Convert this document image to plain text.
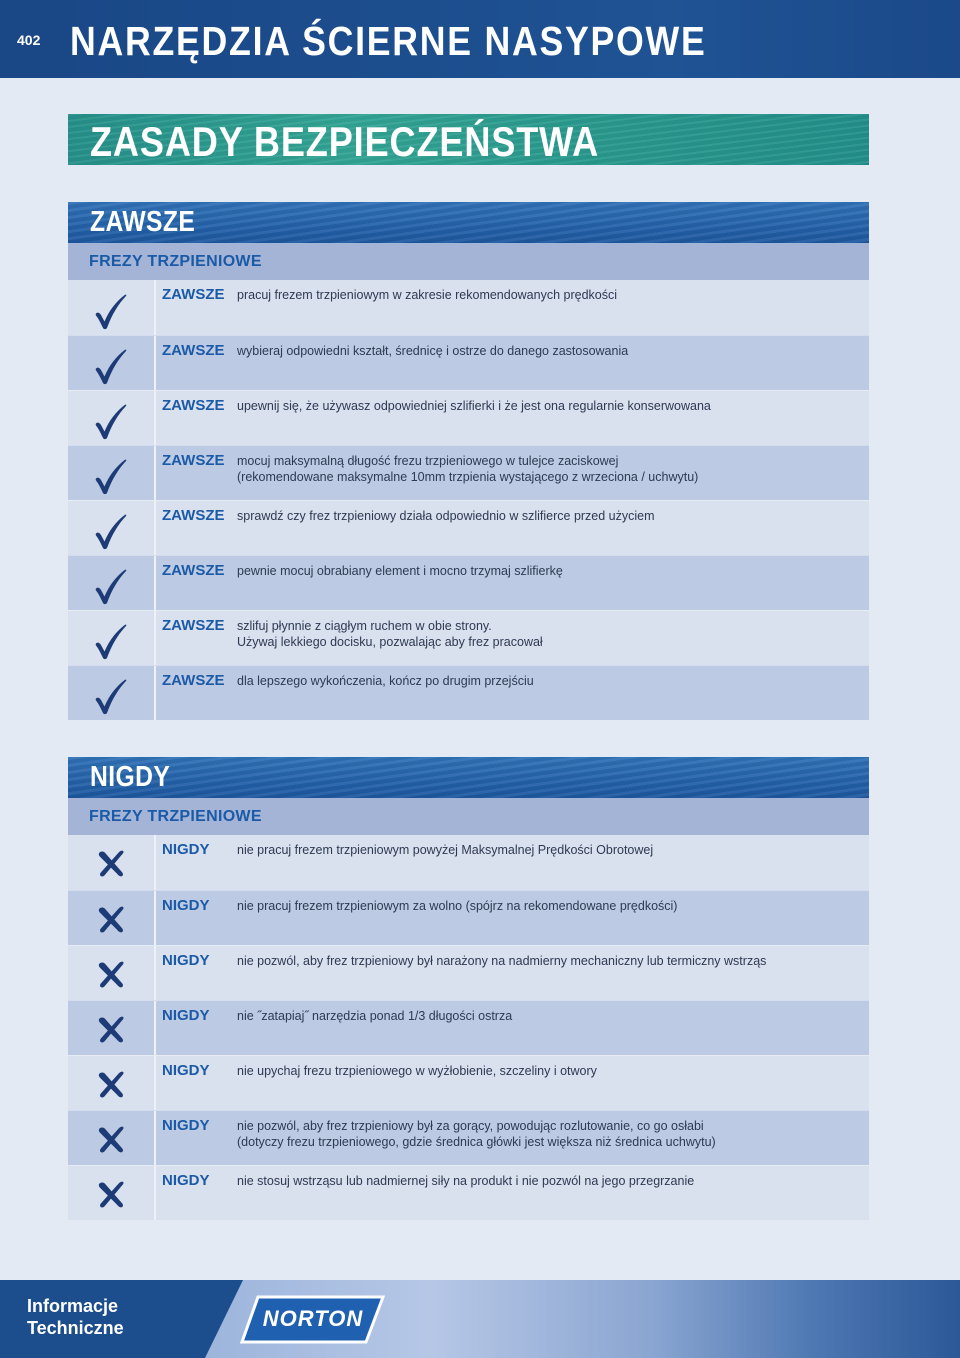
402 NARZĘDZIA ŚCIERNE NASYPOWE
ZASADY BEZPIECZEŃSTWA
ZAWSZE
FREZY TRZPIENIOWE
ZAWSZE	pracuj frezem trzpieniowym w zakresie rekomendowanych prędkości
ZAWSZE	wybieraj odpowiedni kształt, średnicę i ostrze do danego zastosowania
ZAWSZE	upewnij się, że używasz odpowiedniej szlifierki i że jest ona regularnie konserwowana
ZAWSZE	mocuj maksymalną długość frezu trzpieniowego w tulejce zaciskowej
(rekomendowane maksymalne 10mm trzpienia wystającego z wrzeciona / uchwytu)
ZAWSZE	sprawdź czy frez trzpieniowy działa odpowiednio w szlifierce przed użyciem
ZAWSZE	pewnie mocuj obrabiany element i mocno trzymaj szlifierkę
ZAWSZE	szlifuj płynnie z ciągłym ruchem w obie strony.
Używaj lekkiego docisku, pozwalając aby frez pracował
ZAWSZE	dla lepszego wykończenia, kończ po drugim przejściu
NIGDY
FREZY TRZPIENIOWE
NIGDY	nie pracuj frezem trzpieniowym powyżej Maksymalnej Prędkości Obrotowej
NIGDY	nie pracuj frezem trzpieniowym za wolno (spójrz na rekomendowane prędkości)
NIGDY	nie pozwól, aby frez trzpieniowy był narażony na nadmierny mechaniczny lub termiczny wstrząs
NIGDY	nie ˝zatapiaj˝ narzędzia ponad 1/3 długości ostrza
NIGDY	nie upychaj frezu trzpieniowego w wyżłobienie, szczeliny i otwory
NIGDY	nie pozwól, aby frez trzpieniowy był za gorący, powodując rozlutowanie, co go osłabi
(dotyczy frezu trzpieniowego, gdzie średnica główki jest większa niż średnica uchwytu)
NIGDY	nie stosuj wstrząsu lub nadmiernej siły na produkt i nie pozwól na jego przegrzanie
Informacje
Techniczne	NORTON
